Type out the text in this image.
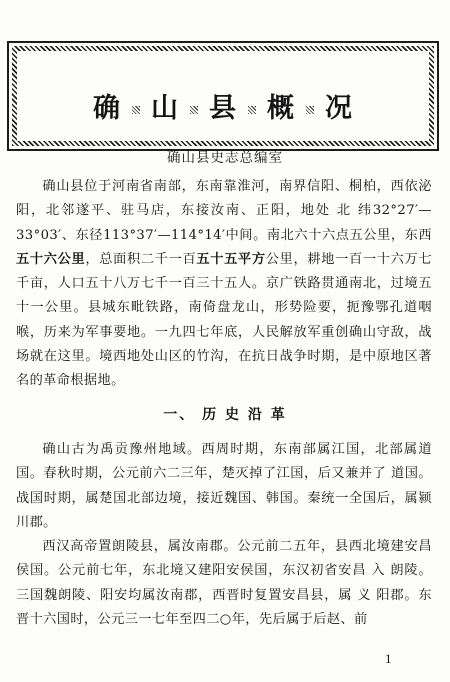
确 山 县 概 况
确山县史志总编室

确山县位于河南省南部，东南靠淮河，南界信阳、桐柏，西依泌阳，北邻遂平、驻马店，东接汝南、正阳，地处 北 纬32°27′—33°03′、东径113°37′—114°14′中间。南北六十六点五公里，东西五十六公里，总面积二千一百五十五平方公里，耕地一百一十六万七千亩，人口五十八万七千一百三十五人。京广铁路贯通南北，过境五十一公里。县城东毗铁路，南倚盘龙山，形势险要，扼豫鄂孔道咽喉，历来为军事要地。一九四七年底，人民解放军重创确山守敌，战场就在这里。境西地处山区的竹沟，在抗日战争时期，是中原地区著名的革命根据地。

一、 历 史 沿 革

确山古为禹贡豫州地域。西周时期，东南部属江国，北部属道国。春秋时期，公元前六二三年，楚灭掉了江国，后又兼并了 道国。战国时期，属楚国北部边境，接近魏国、韩国。秦统一全国后，属颍川郡。

西汉高帝置朗陵县，属汝南郡。公元前二五年，县西北境建安昌侯国。公元前七年，东北境又建阳安侯国，东汉初省安昌 入 朗陵。三国魏朗陵、阳安均属汝南郡，西晋时复置安昌县，属 义 阳郡。东晋十六国时，公元三一七年至四二○年，先后属于后赵、前

1
